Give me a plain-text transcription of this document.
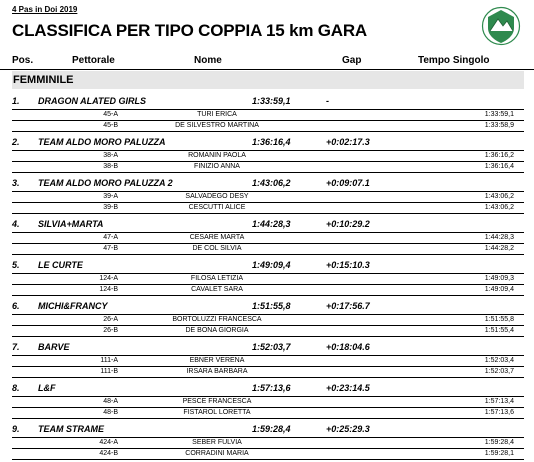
4 Pas in Doi 2019
CLASSIFICA PER TIPO COPPIA 15 km GARA
Pos.	Pettorale	Nome	Gap	Tempo Singolo
FEMMINILE
1. DRAGON ALATED GIRLS	1:33:59,1	-
45-A	TURI ERICA	1:33:59,1
45-B	DE SILVESTRO MARTINA	1:33:58,9
2. TEAM ALDO MORO PALUZZA	1:36:16,4	+0:02:17.3
38-A	ROMANIN PAOLA	1:36:16,2
38-B	FINIZIO ANNA	1:36:16,4
3. TEAM ALDO MORO PALUZZA 2	1:43:06,2	+0:09:07.1
39-A	SALVADEGO DESY	1:43:06,2
39-B	CESCUTTI ALICE	1:43:06,2
4. SILVIA+MARTA	1:44:28,3	+0:10:29.2
47-A	CESARE MARTA	1:44:28,3
47-B	DE COL SILVIA	1:44:28,2
5. LE CURTE	1:49:09,4	+0:15:10.3
124-A	FILOSA LETIZIA	1:49:09,3
124-B	CAVALET SARA	1:49:09,4
6. MICHI&FRANCY	1:51:55,8	+0:17:56.7
26-A	BORTOLUZZI FRANCESCA	1:51:55,8
26-B	DE BONA GIORGIA	1:51:55,4
7. BARVE	1:52:03,7	+0:18:04.6
111-A	EBNER VERENA	1:52:03,4
111-B	IRSARA BARBARA	1:52:03,7
8. L&F	1:57:13,6	+0:23:14.5
48-A	PESCE FRANCESCA	1:57:13,4
48-B	FISTAROL LORETTA	1:57:13,6
9. TEAM STRAME	1:59:28,4	+0:25:29.3
424-A	SEBER FULVIA	1:59:28,4
424-B	CORRADINI MARIA	1:59:28,1
